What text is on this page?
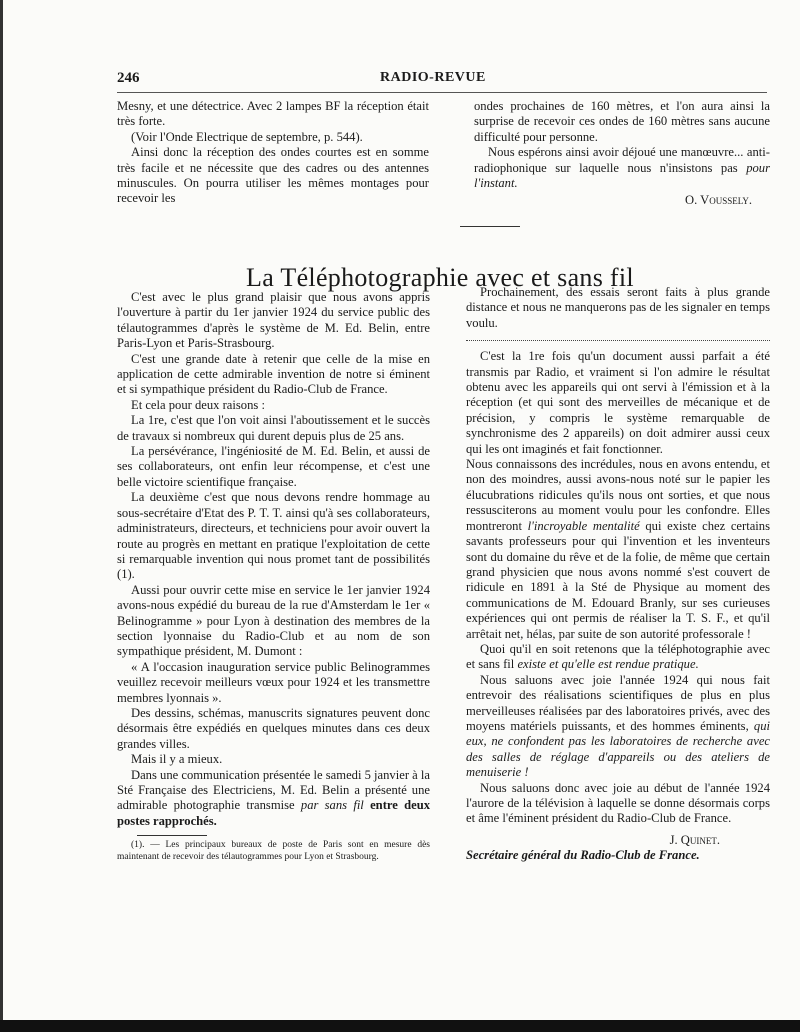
246	RADIO-REVUE

Mesny, et une détectrice. Avec 2 lampes BF la réception était très forte.

(Voir l'Onde Electrique de septembre, p. 544).

Ainsi donc la réception des ondes courtes est en somme très facile et ne nécessite que des cadres ou des antennes minuscules. On pourra utiliser les mêmes montages pour recevoir les

ondes prochaines de 160 mètres, et l'on aura ainsi la surprise de recevoir ces ondes de 160 mètres sans aucune difficulté pour personne.

Nous espérons ainsi avoir déjoué une manœuvre... anti-radiophonique sur laquelle nous n'insistons pas pour l'instant.

O. Voussely.

La Téléphotographie avec et sans fil

C'est avec le plus grand plaisir que nous avons appris l'ouverture à partir du 1er janvier 1924 du service public des télautogrammes d'après le système de M. Ed. Belin, entre Paris-Lyon et Paris-Strasbourg.

C'est une grande date à retenir que celle de la mise en application de cette admirable invention de notre si éminent et si sympathique président du Radio-Club de France.

Et cela pour deux raisons :

La 1re, c'est que l'on voit ainsi l'aboutissement et le succès de travaux si nombreux qui durent depuis plus de 25 ans.

La persévérance, l'ingéniosité de M. Ed. Belin, et aussi de ses collaborateurs, ont enfin leur récompense, et c'est une belle victoire scientifique française.

La deuxième c'est que nous devons rendre hommage au sous-secrétaire d'Etat des P. T. T. ainsi qu'à ses collaborateurs, administrateurs, directeurs, et techniciens pour avoir ouvert la route au progrès en mettant en pratique l'exploitation de cette si remarquable invention qui nous promet tant de possibilités (1).

Aussi pour ouvrir cette mise en service le 1er janvier 1924 avons-nous expédié du bureau de la rue d'Amsterdam le 1er « Belinogramme » pour Lyon à destination des membres de la section lyonnaise du Radio-Club et au nom de son sympathique président, M. Dumont :

« A l'occasion inauguration service public Belinogrammes veuillez recevoir meilleurs vœux pour 1924 et les transmettre membres lyonnais ».

Des dessins, schémas, manuscrits signatures peuvent donc désormais être expédiés en quelques minutes dans ces deux grandes villes.

Mais il y a mieux.

Dans une communication présentée le samedi 5 janvier à la Sté Française des Electriciens, M. Ed. Belin a présenté une admirable photographie transmise par sans fil entre deux postes rapprochés.

(1). — Les principaux bureaux de poste de Paris sont en mesure dès maintenant de recevoir des télautogrammes pour Lyon et Strasbourg.

Prochainement, des essais seront faits à plus grande distance et nous ne manquerons pas de les signaler en temps voulu.

C'est la 1re fois qu'un document aussi parfait a été transmis par Radio, et vraiment si l'on admire le résultat obtenu avec les appareils qui ont servi à l'émission et à la réception (et qui sont des merveilles de mécanique et de précision, y compris le système remarquable de synchronisme des 2 appareils) on doit admirer aussi ceux qui les ont imaginés et fait fonctionner.

Nous connaissons des incrédules, nous en avons entendu, et non des moindres, aussi avons-nous noté sur le papier les élucubrations ridicules qu'ils nous ont sorties, et que nous ressusciterons au moment voulu pour les confondre. Elles montreront l'incroyable mentalité qui existe chez certains savants professeurs pour qui l'invention et les inventeurs sont du domaine du rêve et de la folie, de même que certain grand physicien que nous avons nommé s'est couvert de ridicule en 1891 à la Sté de Physique au moment des communications de M. Edouard Branly, sur ses curieuses expériences qui ont permis de réaliser la T. S. F., et qu'il arrêtait net, hélas, par suite de son autorité professorale !

Quoi qu'il en soit retenons que la téléphotographie avec et sans fil existe et qu'elle est rendue pratique.

Nous saluons avec joie l'année 1924 qui nous fait entrevoir des réalisations scientifiques de plus en plus merveilleuses réalisées par des laboratoires privés, avec des moyens matériels puissants, et des hommes éminents, qui eux, ne confondent pas les laboratoires de recherche avec des salles de réglage d'appareils ou des ateliers de menuiserie !

Nous saluons donc avec joie au début de l'année 1924 l'aurore de la télévision à laquelle se donne désormais corps et âme l'éminent président du Radio-Club de France.

J. Quinet.

Secrétaire général du Radio-Club de France.
